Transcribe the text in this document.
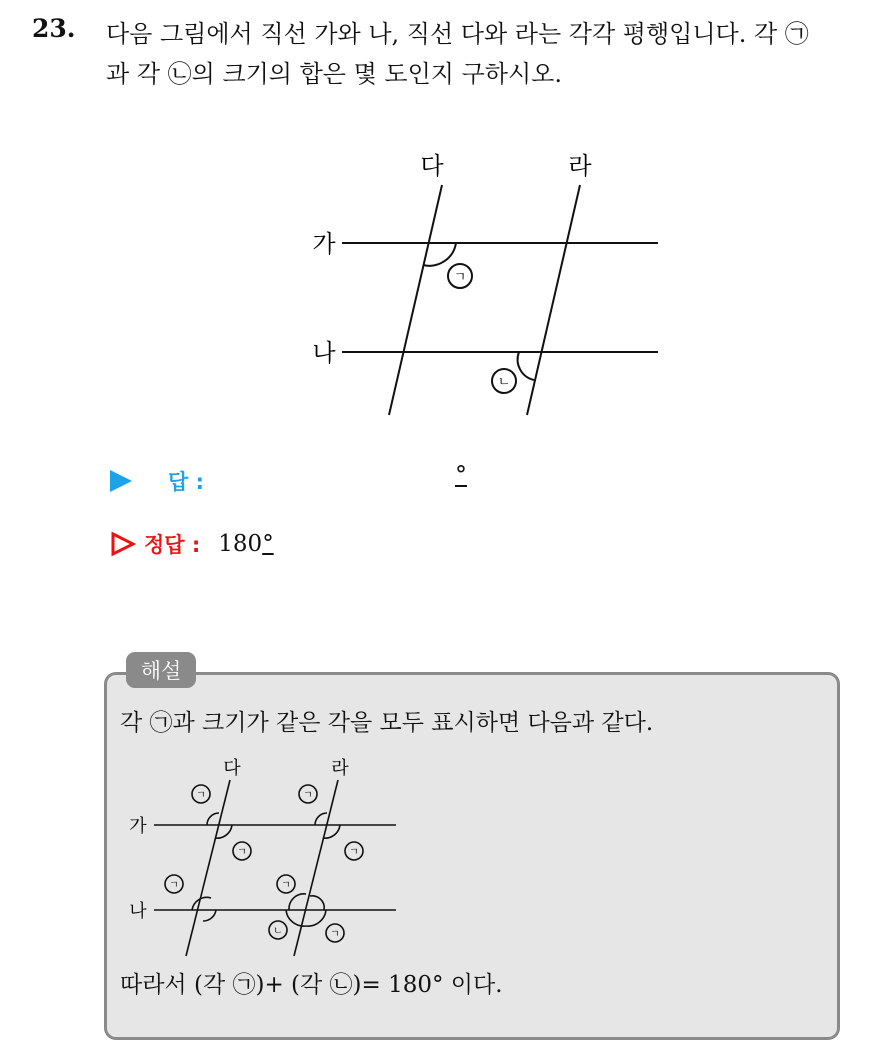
23. 다음 그림에서 직선 가와 나, 직선 다와 라는 각각 평행입니다. 각 ㉠
과 각 ㉡의 크기의 합은 몇 도인지 구하시오.
다	라
가
나
ㄱ
ㄴ
답 :	°
정답 : 180°
해설
각 ㉠과 크기가 같은 각을 모두 표시하면 다음과 같다.
다	라
가
나
ㄱ
ㄱ
ㄱ
ㄱ
ㄱ	ㄱ
ㄴ	ㄱ
따라서 (각 ㉠)+ (각 ㉡)= 180° 이다.
